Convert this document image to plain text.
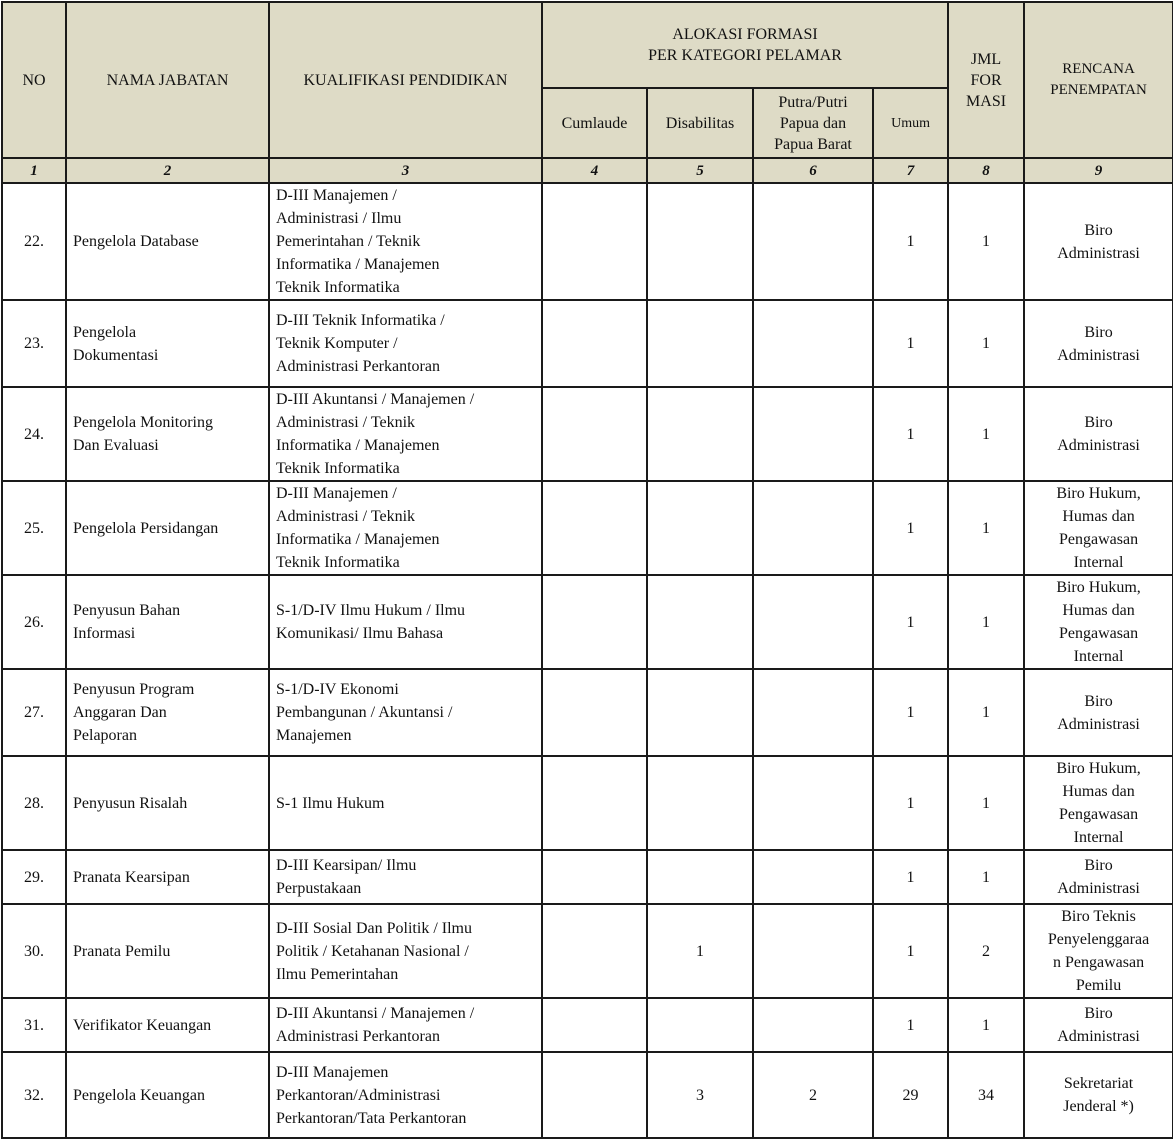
NO	NAMA JABATAN	KUALIFIKASI PENDIDIKAN	ALOKASI FORMASI
PER KATEGORI PELAMAR				JML
FOR
MASI	RENCANA
PENEMPATAN

			Cumlaude	Disabilitas	Putra/Putri
Papua dan
Papua Barat	Umum		
1	2	3	4	5	6	7	8	9
22.	Pengelola Database	D-III Manajemen /
Administrasi / Ilmu
Pemerintahan / Teknik
Informatika / Manajemen
Teknik Informatika				1	1	Biro
Administrasi

23.	Pengelola
Dokumentasi	D-III Teknik Informatika /
Teknik Komputer /
Administrasi Perkantoran				1	1	Biro
Administrasi

24.	Pengelola Monitoring
Dan Evaluasi	D-III Akuntansi / Manajemen /
Administrasi / Teknik
Informatika / Manajemen
Teknik Informatika				1	1	Biro
Administrasi

25.	Pengelola Persidangan	D-III Manajemen /
Administrasi / Teknik
Informatika / Manajemen
Teknik Informatika				1	1	Biro Hukum,
Humas dan
Pengawasan
Internal

26.	Penyusun Bahan
Informasi	S-1/D-IV Ilmu Hukum / Ilmu
Komunikasi/ Ilmu Bahasa				1	1	Biro Hukum,
Humas dan
Pengawasan
Internal

27.	Penyusun Program
Anggaran Dan
Pelaporan	S-1/D-IV Ekonomi
Pembangunan / Akuntansi /
Manajemen				1	1	Biro
Administrasi

28.	Penyusun Risalah	S-1 Ilmu Hukum				1	1	Biro Hukum,
Humas dan
Pengawasan
Internal

29.	Pranata Kearsipan	D-III Kearsipan/ Ilmu
Perpustakaan				1	1	Biro
Administrasi

30.	Pranata Pemilu	D-III Sosial Dan Politik / Ilmu
Politik / Ketahanan Nasional /
Ilmu Pemerintahan		1		1	2	Biro Teknis
Penyelenggaraa
n Pengawasan
Pemilu

31.	Verifikator Keuangan	D-III Akuntansi / Manajemen /
Administrasi Perkantoran				1	1	Biro
Administrasi

32.	Pengelola Keuangan	D-III Manajemen
Perkantoran/Administrasi
Perkantoran/Tata Perkantoran		3	2	29	34	Sekretariat
Jenderal *)
